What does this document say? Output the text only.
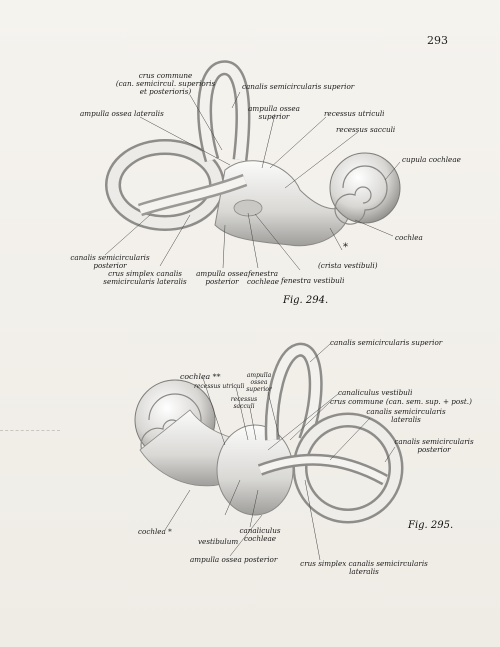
293
crus commune
(can. semicircul. superioris
et posterioris)
canalis semicircularis superior
ampulla ossea lateralis
ampulla ossea
superior	recessus utriculi
recessus sacculi
cupula cochleae
cochlea
canalis semicircularis
posterior
crus simplex canalis
semicircularis lateralis
ampulla ossea
posterior
fenestra
cochleae fenestra vestibuli
*
(crista vestibuli)
Fig. 294.
canalis semicircularis superior
cochlea **
recessus utriculi
ampulla
ossea
superior
recessus
sacculi
canaliculus vestibuli
crus commune (can. sem. sup. + post.)
canalis semicircularis
lateralis
canalis semicircularis
posterior
Fig. 295.
cochlea *	canaliculus
cochleae
vestibulum
ampulla ossea posterior	crus simplex canalis semicircularis
lateralis
